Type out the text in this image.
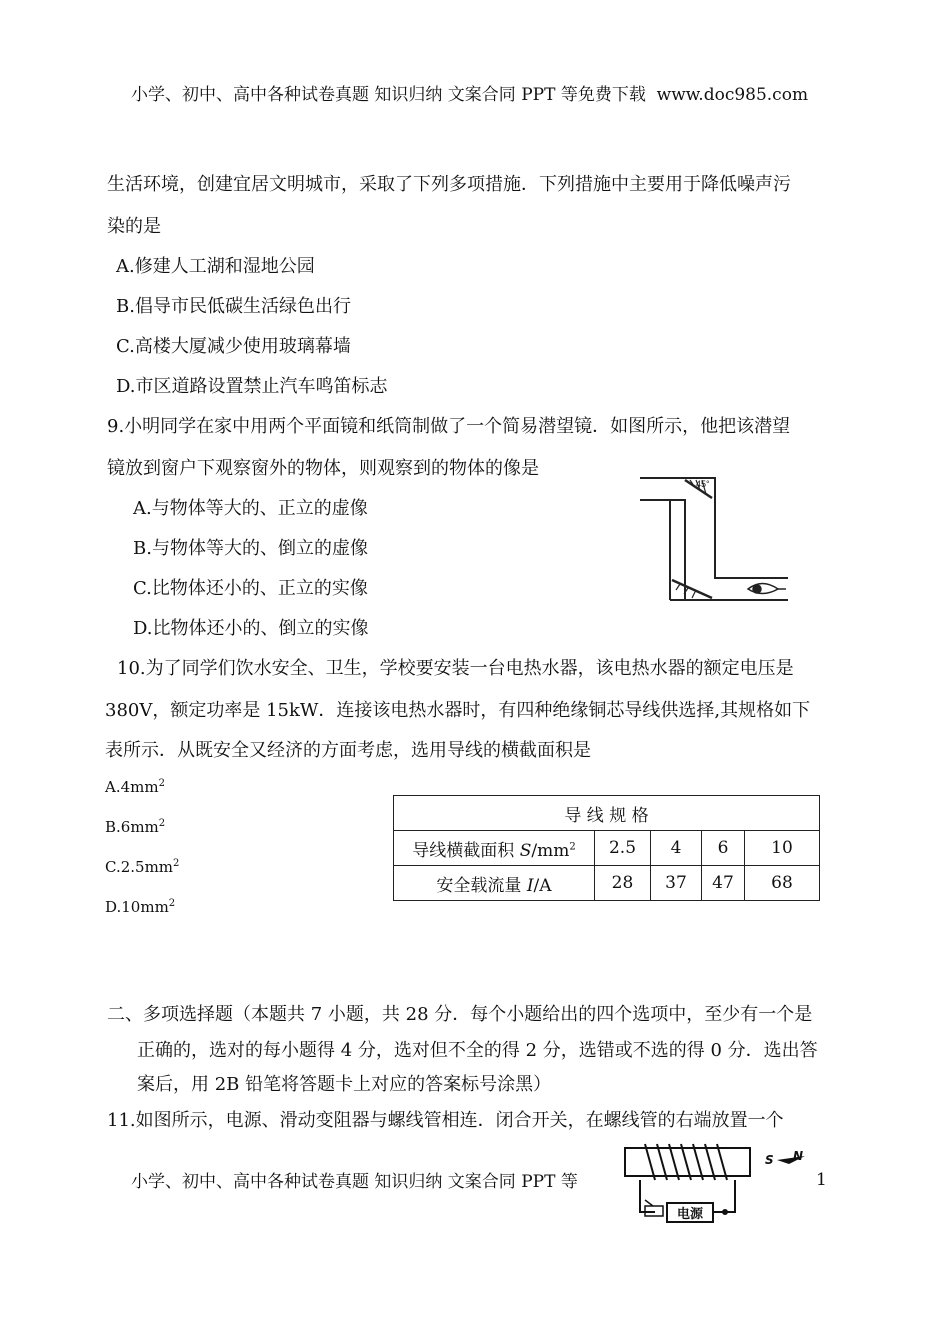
小学、初中、高中各种试卷真题 知识归纳 文案合同 PPT 等免费下载 www.doc985.com
生活环境，创建宜居文明城市，采取了下列多项措施．下列措施中主要用于降低噪声污
染的是
A.修建人工湖和湿地公园
B.倡导市民低碳生活绿色出行
C.高楼大厦减少使用玻璃幕墙
D.市区道路设置禁止汽车鸣笛标志
9.小明同学在家中用两个平面镜和纸筒制做了一个简易潜望镜．如图所示，他把该潜望
镜放到窗户下观察窗外的物体，则观察到的物体的像是
A.与物体等大的、正立的虚像
B.与物体等大的、倒立的虚像
C.比物体还小的、正立的实像
D.比物体还小的、倒立的实像
45°
10.为了同学们饮水安全、卫生，学校要安装一台电热水器，该电热水器的额定电压是
380V，额定功率是 15kW．连接该电热水器时，有四种绝缘铜芯导线供选择,其规格如下
表所示．从既安全又经济的方面考虑，选用导线的横截面积是
$A.4mm^2$
$B.6mm^2$
$C.2.5mm^2$
$D.10mm^2$
导 线 规 格				
导线横截面积 $S/mm^2$	2.5	4	6	10
安全载流量 I/A	28	37	47	68
二、多项选择题（本题共 7 小题，共 28 分．每个小题给出的四个选项中，至少有一个是
正确的，选对的每小题得 4 分，选对但不全的得 2 分，选错或不选的得 0 分．选出答
案后，用 2B 铅笔将答题卡上对应的答案标号涂黑）
11.如图所示，电源、滑动变阻器与螺线管相连．闭合开关，在螺线管的右端放置一个
小学、初中、高中各种试卷真题 知识归纳 文案合同 PPT 等	1
电源
S N
